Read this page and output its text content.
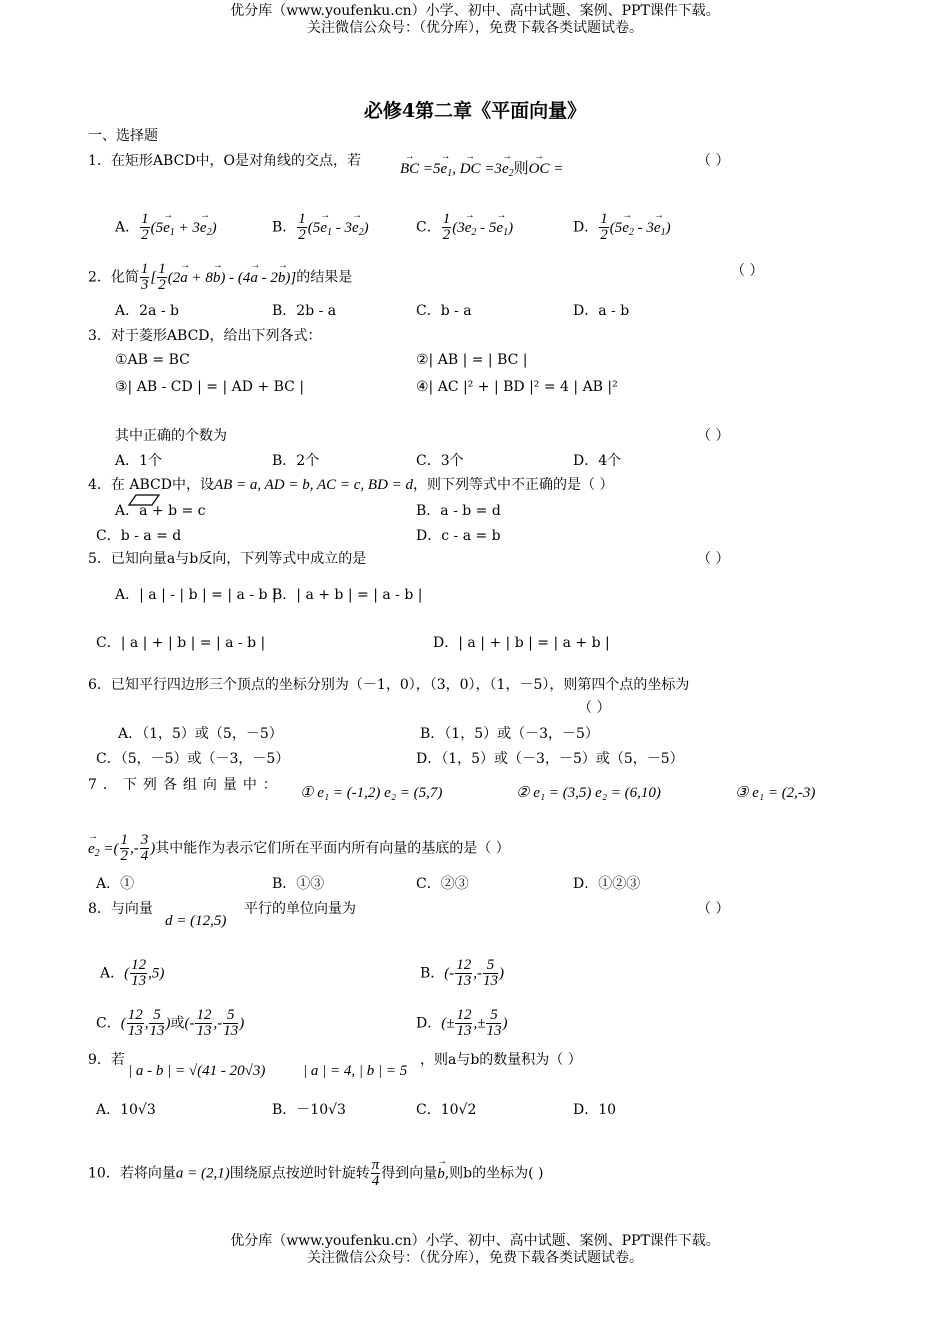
优分库（www.youfenku.cn）小学、初中、高中试题、案例、PPT课件下载。
关注微信公众号：（优分库），免费下载各类试题试卷。
必修4第二章《平面向量》
一、选择题
1．在矩形ABCD中，O是对角线的交点，若
→	BC $=5\to e_1$, → DC $=3\to e_2$则→ OC =	（ ）
A． $\frac{1}{2} (5\to e_1 + 3\to e_2)$	B． $\frac{1}{2} (5\to e_1 - 3\to e_2)$	C． $\frac{1}{2} (3\to e_2 - 5\to e_1)$	D． $\frac{1}{2} (5\to e_2 - 3\to e_1)$
2．化简 $\frac{1}{3}$ [ $\frac{1}{2} (2\to a + 8\to b) - (4\to a - 2\to b)$]的结果是	（ ）
A．2a - b	B．2b - a	C．b - a	D．a - b
3．对于菱形ABCD，给出下列各式：
①AB = BC	②| AB | = | BC |
③| AB - CD | = | AD + BC |	④| AC |² + | BD |² = 4 | AB |²
其中正确的个数为	（ ）
A．1个	B．2个	C．3个	D．4个
4．在 ABCD中，设AB = a, AD = b, AC = c, BD = d，则下列等式中不正确的是（ ）
A．a + b = c	B．a - b = d
C．b - a = d	D．c - a = b
5．已知向量a与b反向，下列等式中成立的是	（ ）
A．| a | - | b | = | a - b |
B．| a + b | = | a - b |
C．| a | + | b | = | a - b |	D．| a | + | b | = | a + b |
6．已知平行四边形三个顶点的坐标分别为（－1，0），（3，0），（1，－5），则第四个点的坐标为
（ ）
A．（1，5）或（5，－5）	B．（1，5）或（－3，－5）
C．（5，－5）或（－3，－5）	D．（1，5）或（－3，－5）或（5，－5）
7．下列各组向量中： ① e₁ = (-1,2) e₂ = (5,7)	② e₁ = (3,5) e₂ = (6,10)	③ e₁ = (2,-3)
→ $e_2$ =( $\frac{1}{2}$ ,- $\frac{3}{4}$ )其中能作为表示它们所在平面内所有向量的基底的是（ ）
A．①	B．①③	C．②③	D．①②③
8．与向量
d = (12,5)
平行的单位向量为	（ ）
A．( $\frac{12}{13} ,5$)	B．(- $\frac{12}{13}$ ,- $\frac{5}{13}$ )
C．( $\frac{12}{13}$ , $\frac{5}{13}$ )或(- $\frac{12}{13}$ ,- $\frac{5}{13}$ )	D．(± $\frac{12}{13}$ ,± $\frac{5}{13}$ )
9．若
| a - b | = √(41 - 20√3)	| a | = 4, | b | = 5
，则a与b的数量积为（ ）
A．10√3	B．－10√3	C．10√2	D．10
10．若将向量a = (2,1)围绕原点按逆时针旋转 $\frac{\pi}{4}$ 得到向量→ b,则b的坐标为( )
优分库（www.youfenku.cn）小学、初中、高中试题、案例、PPT课件下载。
关注微信公众号：（优分库），免费下载各类试题试卷。
